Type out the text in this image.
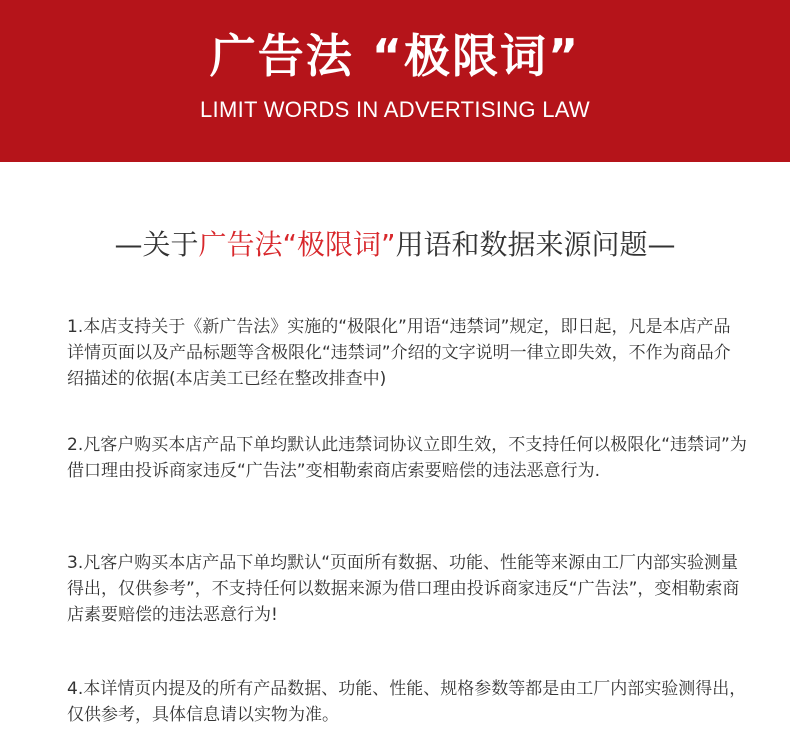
广告法 “极限词”
LIMIT WORDS IN ADVERTISING LAW
—关于广告法“极限词”用语和数据来源问题—

1.本店支持关于《新广告法》实施的“极限化”用语“违禁词”规定，即日起，凡是本店产品详情页面以及产品标题等含极限化“违禁词”介绍的文字说明一律立即失效，不作为商品介绍描述的依据(本店美工已经在整改排查中)

2.凡客户购买本店产品下单均默认此违禁词协议立即生效，不支持任何以极限化“违禁词”为借口理由投诉商家违反“广告法”变相勒索商店索要赔偿的违法恶意行为.

3.凡客户购买本店产品下单均默认“页面所有数据、功能、性能等来源由工厂内部实验测量得出，仅供参考”，不支持任何以数据来源为借口理由投诉商家违反“广告法”，变相勒索商店素要赔偿的违法恶意行为!

4.本详情页内提及的所有产品数据、功能、性能、规格参数等都是由工厂内部实验测得出，仅供参考，具体信息请以实物为准。
